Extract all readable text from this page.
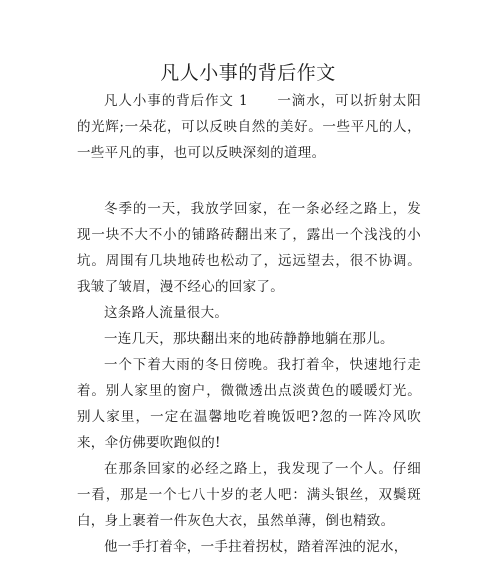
凡人小事的背后作文

凡人小事的背后作文 1　　一滴水，可以折射太阳的光辉;一朵花，可以反映自然的美好。一些平凡的人，一些平凡的事，也可以反映深刻的道理。

冬季的一天，我放学回家，在一条必经之路上，发现一块不大不小的铺路砖翻出来了，露出一个浅浅的小坑。周围有几块地砖也松动了，远远望去，很不协调。我皱了皱眉，漫不经心的回家了。

这条路人流量很大。

一连几天，那块翻出来的地砖静静地躺在那儿。

一个下着大雨的冬日傍晚。我打着伞，快速地行走着。别人家里的窗户，微微透出点淡黄色的暖暖灯光。别人家里，一定在温馨地吃着晚饭吧?忽的一阵冷风吹来，伞仿佛要吹跑似的!

在那条回家的必经之路上，我发现了一个人。仔细一看，那是一个七八十岁的老人吧：满头银丝，双鬓斑白，身上裹着一件灰色大衣，虽然单薄，倒也精致。

他一手打着伞，一手拄着拐杖，踏着浑浊的泥水，
